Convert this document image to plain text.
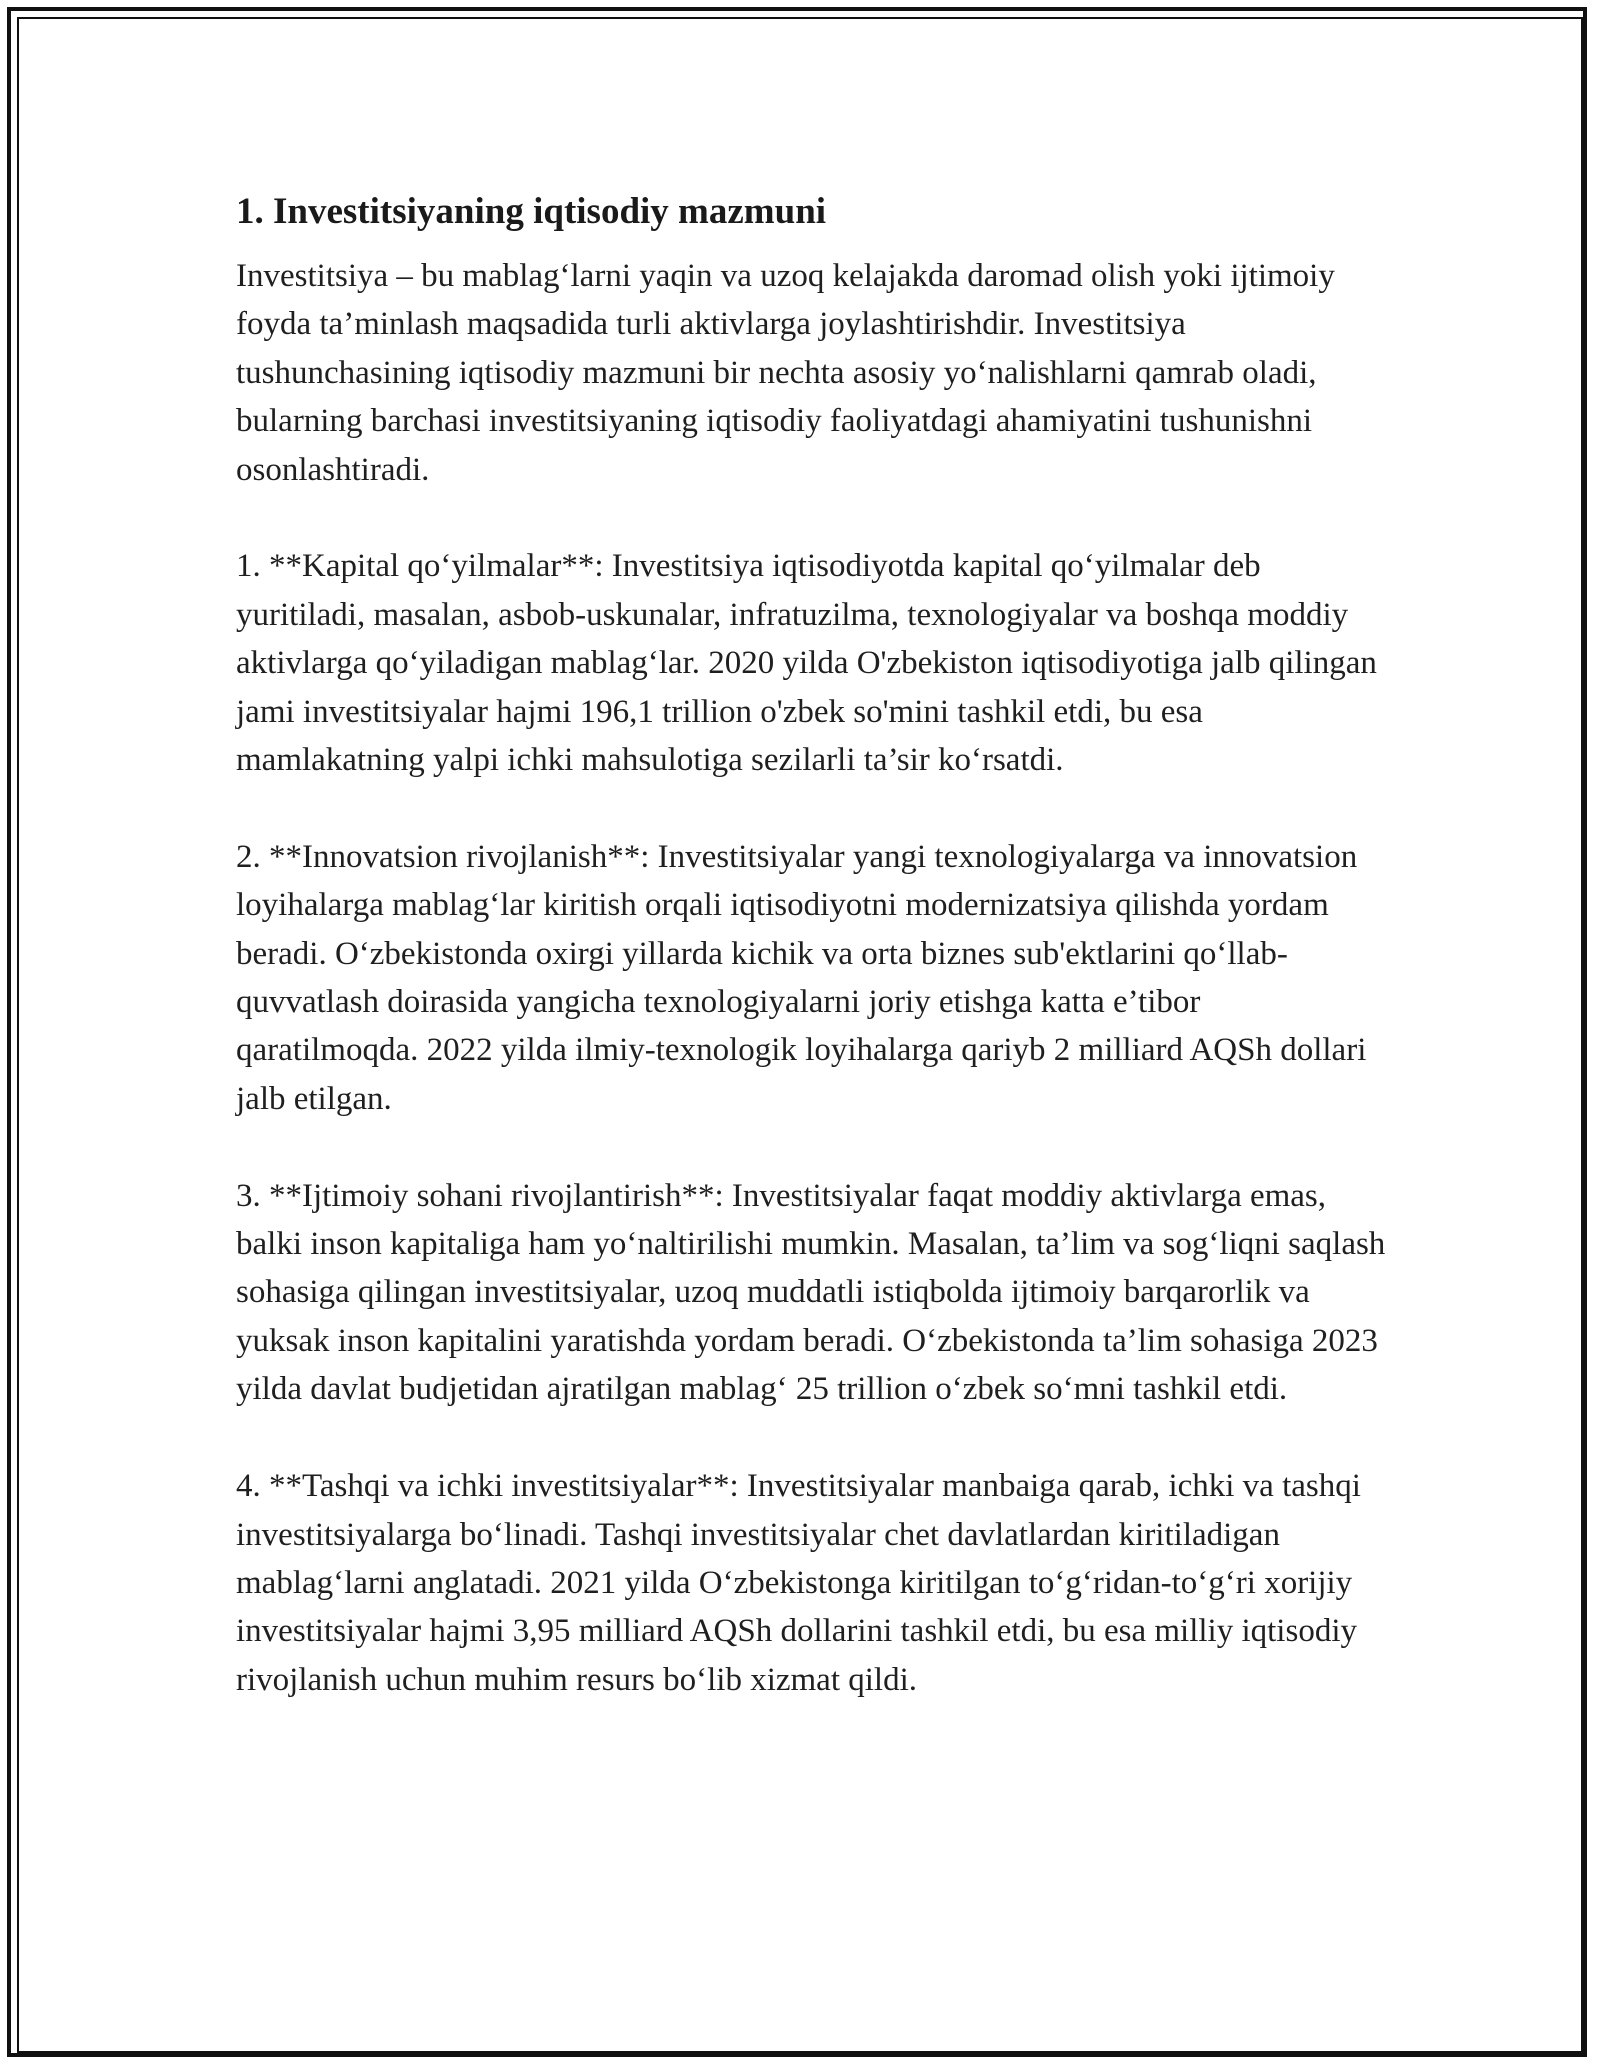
1. Investitsiyaning iqtisodiy mazmuni

Investitsiya – bu mablag‘larni yaqin va uzoq kelajakda daromad olish yoki ijtimoiy foyda ta’minlash maqsadida turli aktivlarga joylashtirishdir. Investitsiya tushunchasining iqtisodiy mazmuni bir nechta asosiy yo‘nalishlarni qamrab oladi, bularning barchasi investitsiyaning iqtisodiy faoliyatdagi ahamiyatini tushunishni osonlashtiradi.

1. **Kapital qo‘yilmalar**: Investitsiya iqtisodiyotda kapital qo‘yilmalar deb yuritiladi, masalan, asbob-uskunalar, infratuzilma, texnologiyalar va boshqa moddiy aktivlarga qo‘yiladigan mablag‘lar. 2020 yilda O'zbekiston iqtisodiyotiga jalb qilingan jami investitsiyalar hajmi 196,1 trillion o'zbek so'mini tashkil etdi, bu esa mamlakatning yalpi ichki mahsulotiga sezilarli ta’sir ko‘rsatdi.

2. **Innovatsion rivojlanish**: Investitsiyalar yangi texnologiyalarga va innovatsion loyihalarga mablag‘lar kiritish orqali iqtisodiyotni modernizatsiya qilishda yordam beradi. O‘zbekistonda oxirgi yillarda kichik va orta biznes sub'ektlarini qo‘llab-quvvatlash doirasida yangicha texnologiyalarni joriy etishga katta e’tibor qaratilmoqda. 2022 yilda ilmiy-texnologik loyihalarga qariyb 2 milliard AQSh dollari jalb etilgan.

3. **Ijtimoiy sohani rivojlantirish**: Investitsiyalar faqat moddiy aktivlarga emas, balki inson kapitaliga ham yo‘naltirilishi mumkin. Masalan, ta’lim va sog‘liqni saqlash sohasiga qilingan investitsiyalar, uzoq muddatli istiqbolda ijtimoiy barqarorlik va yuksak inson kapitalini yaratishda yordam beradi. O‘zbekistonda ta’lim sohasiga 2023 yilda davlat budjetidan ajratilgan mablag‘ 25 trillion o‘zbek so‘mni tashkil etdi.

4. **Tashqi va ichki investitsiyalar**: Investitsiyalar manbaiga qarab, ichki va tashqi investitsiyalarga bo‘linadi. Tashqi investitsiyalar chet davlatlardan kiritiladigan mablag‘larni anglatadi. 2021 yilda O‘zbekistonga kiritilgan to‘g‘ridan-to‘g‘ri xorijiy investitsiyalar hajmi 3,95 milliard AQSh dollarini tashkil etdi, bu esa milliy iqtisodiy rivojlanish uchun muhim resurs bo‘lib xizmat qildi.
